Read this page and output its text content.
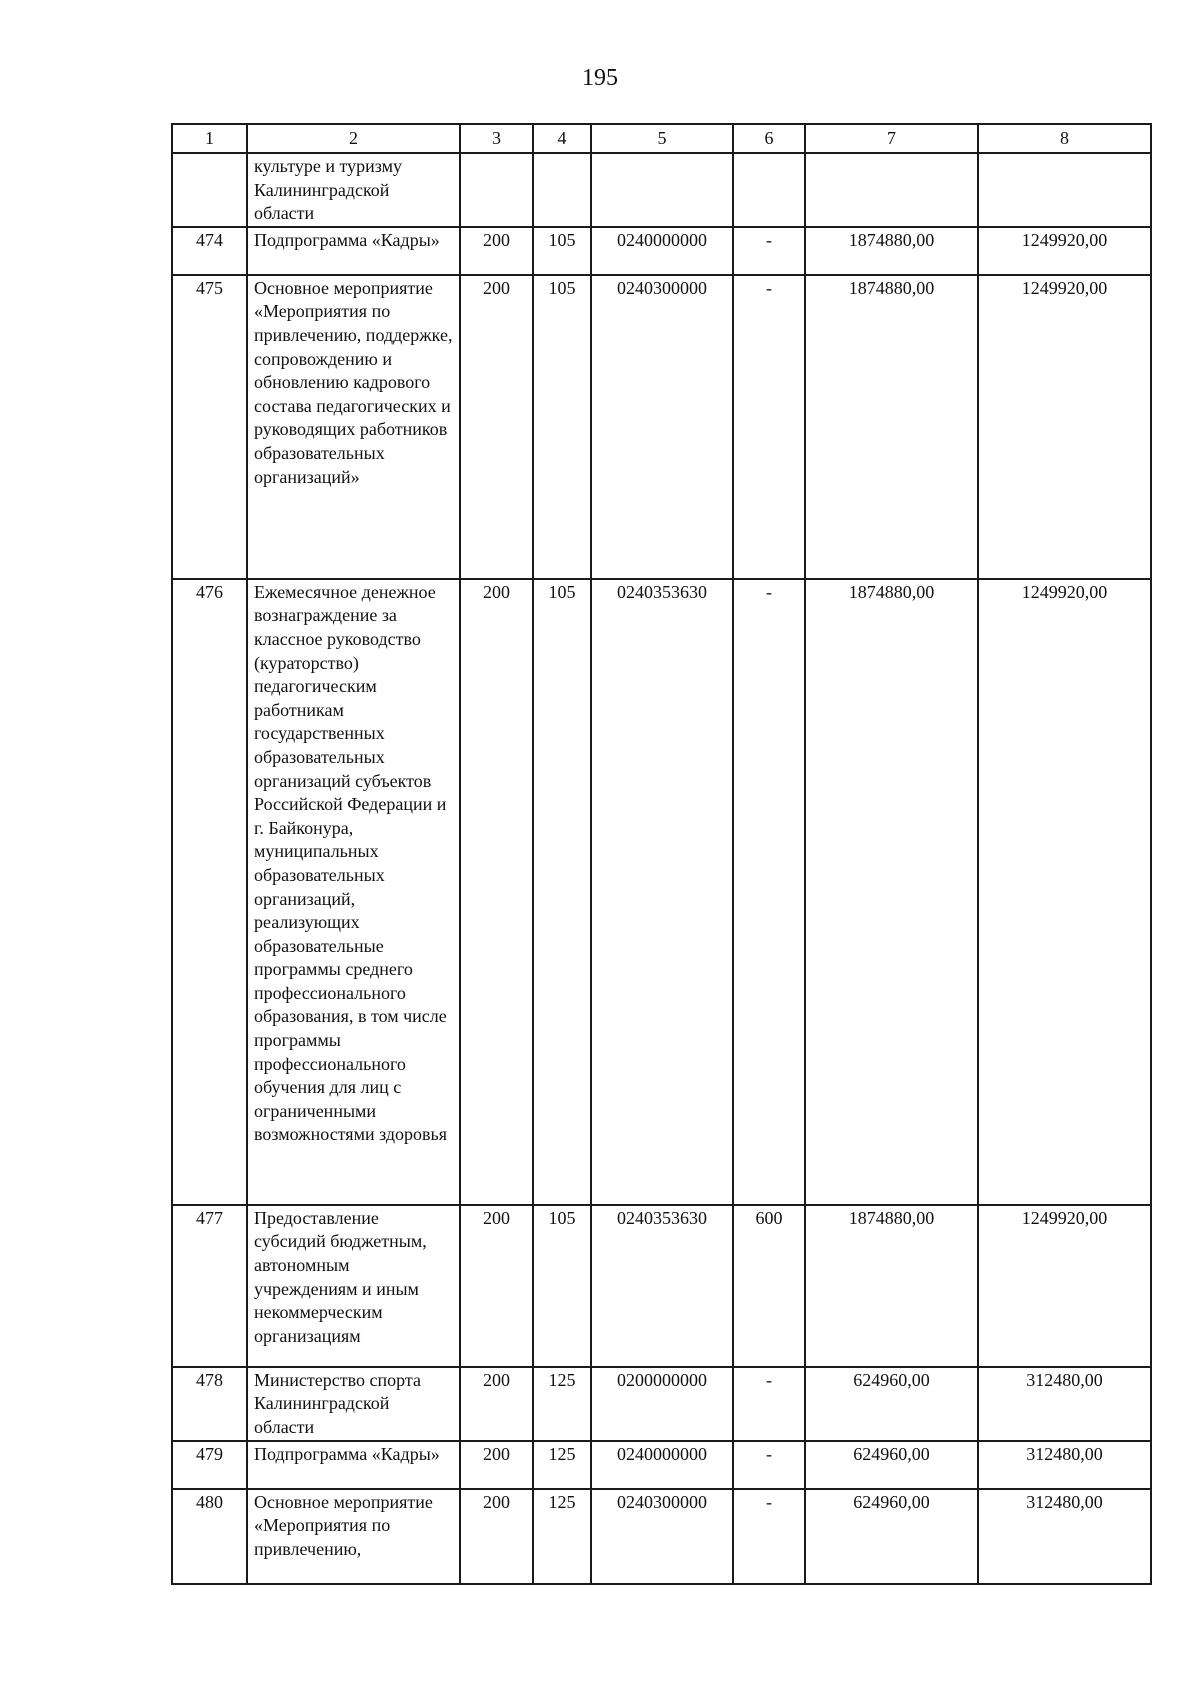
195
1	2	3	4	5	6	7	8

	культуре и туризму Калининградской области						

474	Подпрограмма «Кадры»	200	105	0240000000	-	1874880,00	1249920,00
475	Основное мероприятие «Мероприятия по привлечению, поддержке, сопровождению и обновлению кадрового состава педагогических и руководящих работников образовательных организаций»	200	105	0240300000	-	1874880,00	1249920,00
476	Ежемесячное денежное вознаграждение за классное руководство (кураторство) педагогическим работникам государственных образовательных организаций субъектов Российской Федерации и г. Байконура, муниципальных образовательных организаций, реализующих образовательные программы среднего профессионального образования, в том числе программы профессионального обучения для лиц с ограниченными возможностями здоровья	200	105	0240353630	-	1874880,00	1249920,00
477	Предоставление субсидий бюджетным, автономным учреждениям и иным некоммерческим организациям	200	105	0240353630	600	1874880,00	1249920,00
478	Министерство спорта Калининградской области	200	125	0200000000	-	624960,00	312480,00
479	Подпрограмма «Кадры»	200	125	0240000000	-	624960,00	312480,00
480	Основное мероприятие «Мероприятия по привлечению,	200	125	0240300000	-	624960,00	312480,00
